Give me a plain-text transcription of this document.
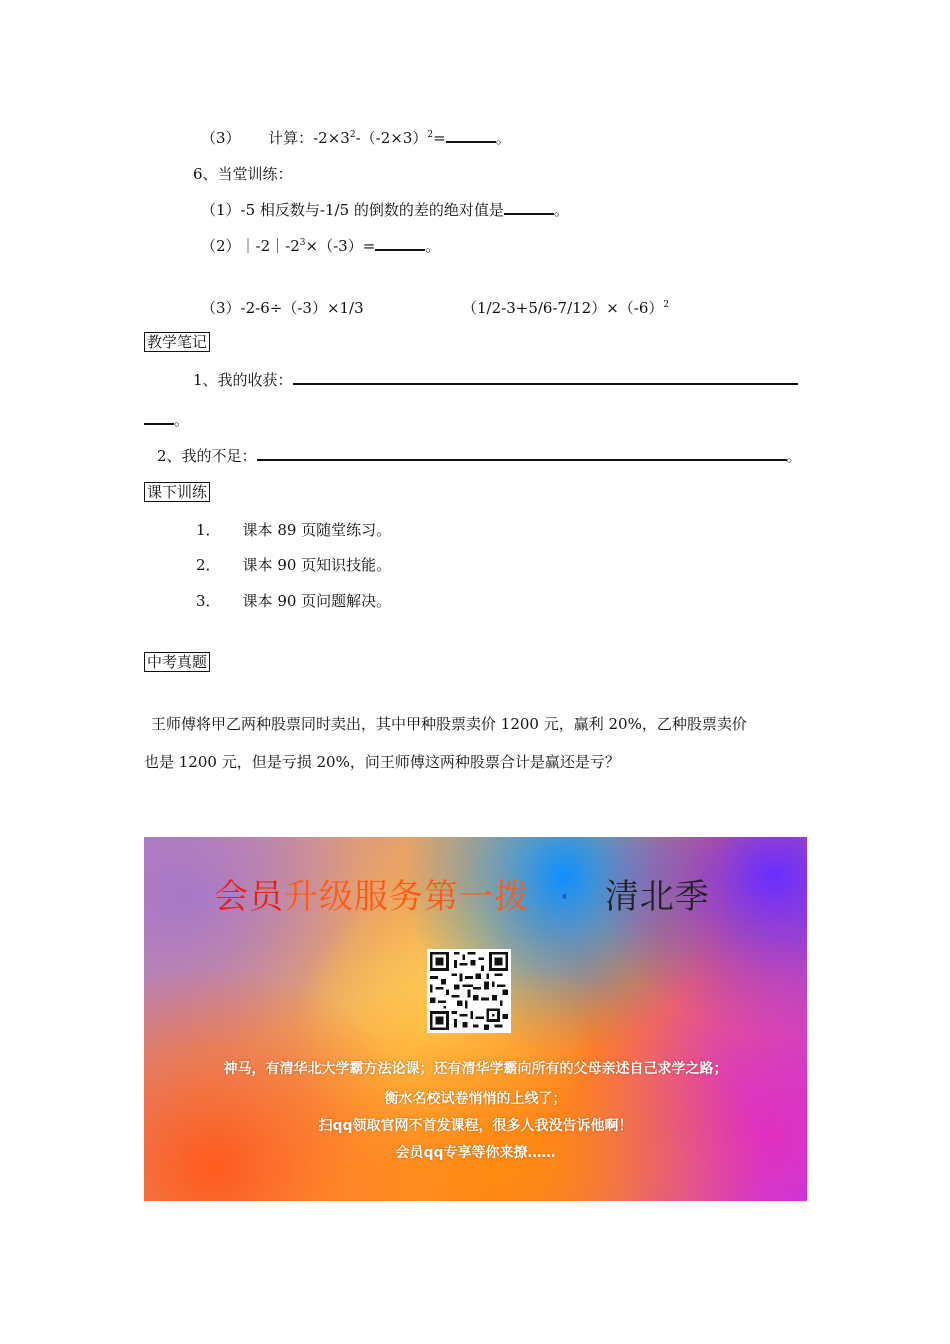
（3） 计算：$-2\times 3^2-(-2\times 3)^2=$	。
6、当堂训练：
（1）-5 相反数与-1/5 的倒数的差的绝对值是	。
$(2)|-2|-2^3\times(-3)=$	。
（3）-2-6÷（-3）×1/3	$(1/2-3+5/6-7/12)\times(-6)^2$
教学笔记
1、我的收获：
。
2、我的不足：	。
课下训练
1． 课本 89 页随堂练习。
2． 课本 90 页知识技能。
3． 课本 90 页问题解决。
中考真题
王师傅将甲乙两种股票同时卖出，其中甲种股票卖价 1200 元，赢利 20%，乙种股票卖价
也是 1200 元，但是亏损 20%，问王师傅这两种股票合计是赢还是亏？
会员升级服务第一拨 · 清北季
神马，有清华北大学霸方法论课；还有清华学霸向所有的父母亲述自己求学之路；
衡水名校试卷悄悄的上线了；
扫qq领取官网不首发课程，很多人我没告诉他啊！
会员qq专享等你来撩……
